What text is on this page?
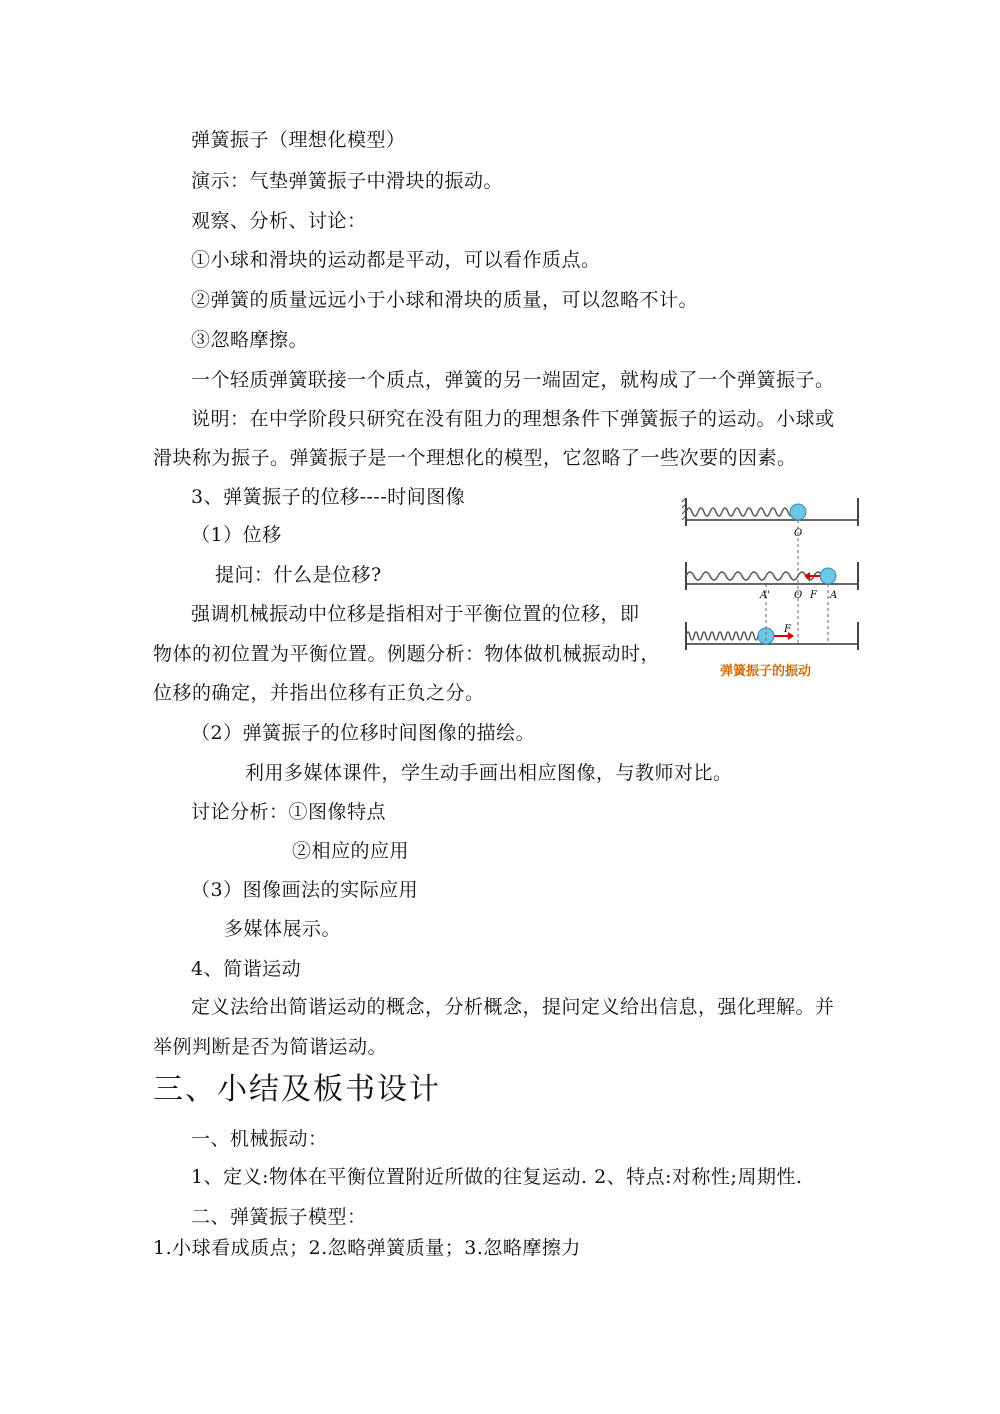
弹簧振子（理想化模型）
演示：气垫弹簧振子中滑块的振动。
观察、分析、讨论：
①小球和滑块的运动都是平动，可以看作质点。
②弹簧的质量远远小于小球和滑块的质量，可以忽略不计。
③忽略摩擦。
一个轻质弹簧联接一个质点，弹簧的另一端固定，就构成了一个弹簧振子。
说明：在中学阶段只研究在没有阻力的理想条件下弹簧振子的运动。小球或
滑块称为振子。弹簧振子是一个理想化的模型，它忽略了一些次要的因素。
3、弹簧振子的位移----时间图像
（1）位移
提问：什么是位移?
强调机械振动中位移是指相对于平衡位置的位移，即
物体的初位置为平衡位置。例题分析：物体做机械振动时，
位移的确定，并指出位移有正负之分。
（2）弹簧振子的位移时间图像的描绘。
利用多媒体课件，学生动手画出相应图像，与教师对比。
讨论分析：①图像特点
②相应的应用
（3）图像画法的实际应用
多媒体展示。
4、简谐运动
定义法给出简谐运动的概念，分析概念，提问定义给出信息，强化理解。并
举例判断是否为简谐运动。
三、小结及板书设计
一、机械振动：
1、定义:物体在平衡位置附近所做的往复运动. 2、特点:对称性;周期性.
二、弹簧振子模型：
1.小球看成质点；2.忽略弹簧质量；3.忽略摩擦力
O
A' O F A
F
弹簧振子的振动
